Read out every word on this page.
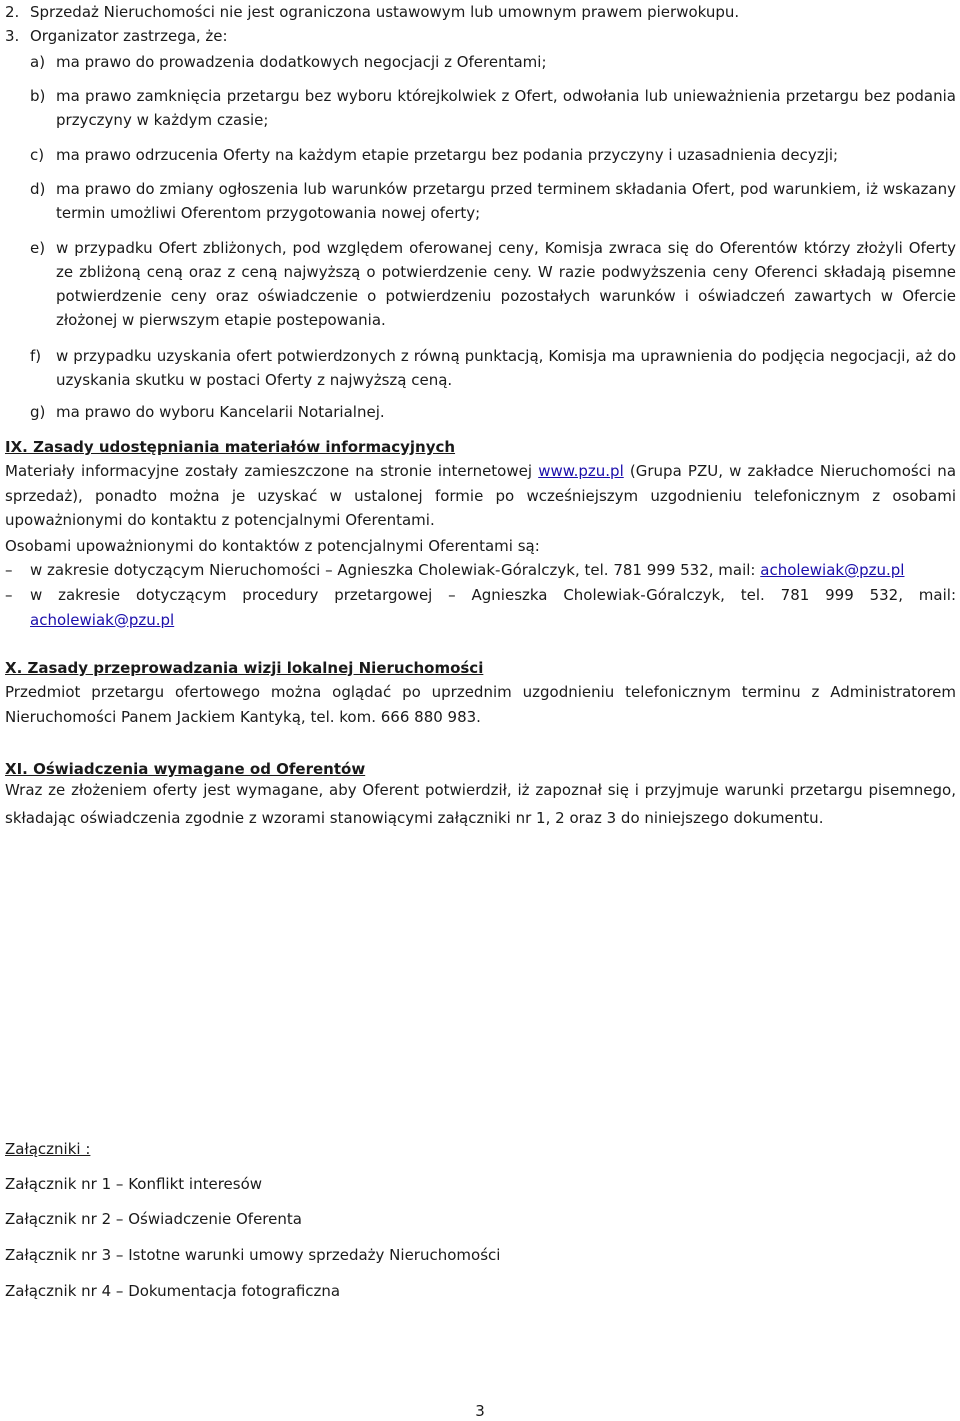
2. Sprzedaż Nieruchomości nie jest ograniczona ustawowym lub umownym prawem pierwokupu.
3. Organizator zastrzega, że:
a) ma prawo do prowadzenia dodatkowych negocjacji z Oferentami;
b) ma prawo zamknięcia przetargu bez wyboru którejkolwiek z Ofert, odwołania lub unieważnienia przetargu bez podania przyczyny w każdym czasie;
c) ma prawo odrzucenia Oferty na każdym etapie przetargu bez podania przyczyny i uzasadnienia decyzji;
d) ma prawo do zmiany ogłoszenia lub warunków przetargu przed terminem składania Ofert, pod warunkiem, iż wskazany termin umożliwi Oferentom przygotowania nowej oferty;
e) w przypadku Ofert zbliżonych, pod względem oferowanej ceny, Komisja zwraca się do Oferentów którzy złożyli Oferty ze zbliżoną ceną oraz z ceną najwyższą o potwierdzenie ceny. W razie podwyższenia ceny Oferenci składają pisemne potwierdzenie ceny oraz oświadczenie o potwierdzeniu pozostałych warunków i oświadczeń zawartych w Ofercie złożonej w pierwszym etapie postepowania.
f) w przypadku uzyskania ofert potwierdzonych z równą punktacją, Komisja ma uprawnienia do podjęcia negocjacji, aż do uzyskania skutku w postaci Oferty z najwyższą ceną.
g) ma prawo do wyboru Kancelarii Notarialnej.
IX. Zasady udostępniania materiałów informacyjnych
Materiały informacyjne zostały zamieszczone na stronie internetowej www.pzu.pl (Grupa PZU, w zakładce Nieruchomości na sprzedaż), ponadto można je uzyskać w ustalonej formie po wcześniejszym uzgodnieniu telefonicznym z osobami upoważnionymi do kontaktu z potencjalnymi Oferentami.
Osobami upoważnionymi do kontaktów z potencjalnymi Oferentami są:
– w zakresie dotyczącym Nieruchomości – Agnieszka Cholewiak-Góralczyk, tel. 781 999 532, mail: acholewiak@pzu.pl
– w zakresie dotyczącym procedury przetargowej – Agnieszka Cholewiak-Góralczyk, tel. 781 999 532, mail: acholewiak@pzu.pl
X. Zasady przeprowadzania wizji lokalnej Nieruchomości
Przedmiot przetargu ofertowego można oglądać po uprzednim uzgodnieniu telefonicznym terminu z Administratorem Nieruchomości Panem Jackiem Kantyką, tel. kom. 666 880 983.
XI. Oświadczenia wymagane od Oferentów
Wraz ze złożeniem oferty jest wymagane, aby Oferent potwierdził, iż zapoznał się i przyjmuje warunki przetargu pisemnego,
składając oświadczenia zgodnie z wzorami stanowiącymi załączniki nr 1, 2 oraz 3 do niniejszego dokumentu.
Załączniki :
Załącznik nr 1 – Konflikt interesów
Załącznik nr 2 – Oświadczenie Oferenta
Załącznik nr 3 – Istotne warunki umowy sprzedaży Nieruchomości
Załącznik nr 4 – Dokumentacja fotograficzna
3
